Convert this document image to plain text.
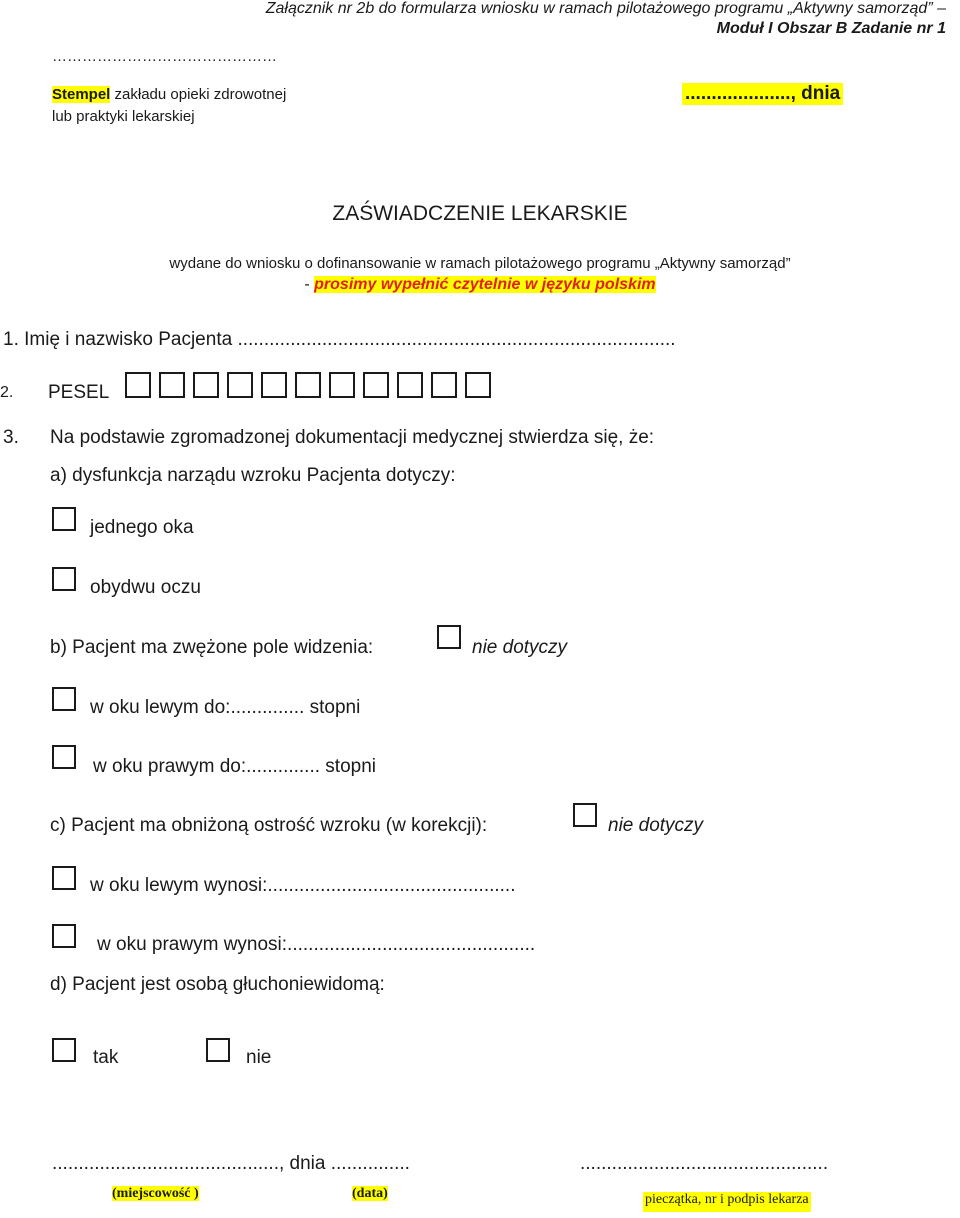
Załącznik nr 2b do formularza wniosku w ramach pilotażowego programu „Aktywny samorząd” –
Moduł I Obszar B Zadanie nr 1
………………………………………
Stempel zakładu opieki zdrowotnej
lub praktyki lekarskiej
...................., dnia
ZAŚWIADCZENIE LEKARSKIE
wydane do wniosku o dofinansowanie w ramach pilotażowego programu „Aktywny samorząd”
- prosimy wypełnić czytelnie w języku polskim
1. Imię i nazwisko Pacjenta ...................................................................................
2. PESEL
3. Na podstawie zgromadzonej dokumentacji medycznej stwierdza się, że:
a) dysfunkcja narządu wzroku Pacjenta dotyczy:
jednego oka
obydwu oczu
b) Pacjent ma zwężone pole widzenia:	nie dotyczy
w oku lewym do:.............. stopni
w oku prawym do:.............. stopni
c) Pacjent ma obniżoną ostrość wzroku (w korekcji):	nie dotyczy
w oku lewym wynosi:...............................................
w oku prawym wynosi:...............................................
d) Pacjent jest osobą głuchoniewidomą:
tak	nie
..........................................., dnia ...............	...............................................
(miejscowość )	(data)	pieczątka, nr i podpis lekarza
